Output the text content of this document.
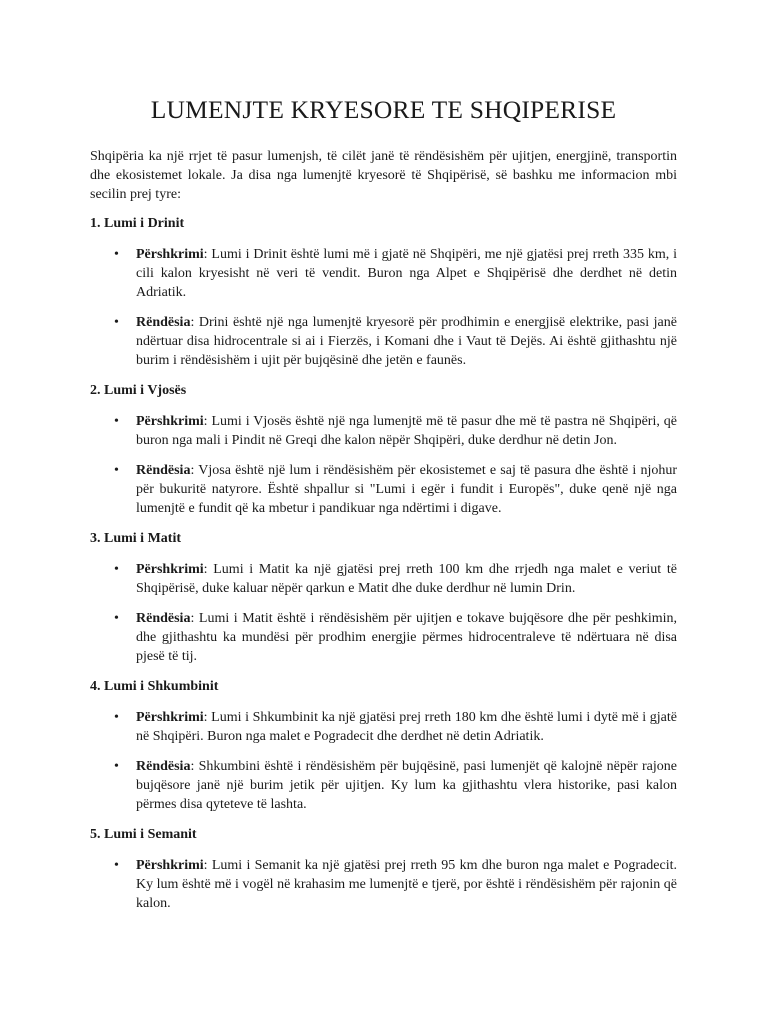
LUMENJTE KRYESORE TE SHQIPERISE

Shqipëria ka një rrjet të pasur lumenjsh, të cilët janë të rëndësishëm për ujitjen, energjinë, transportin dhe ekosistemet lokale. Ja disa nga lumenjtë kryesorë të Shqipërisë, së bashku me informacion mbi secilin prej tyre:

1. Lumi i Drinit
• Përshkrimi: Lumi i Drinit është lumi më i gjatë në Shqipëri, me një gjatësi prej rreth 335 km, i cili kalon kryesisht në veri të vendit. Buron nga Alpet e Shqipërisë dhe derdhet në detin Adriatik.
• Rëndësia: Drini është një nga lumenjtë kryesorë për prodhimin e energjisë elektrike, pasi janë ndërtuar disa hidrocentrale si ai i Fierzës, i Komani dhe i Vaut të Dejës. Ai është gjithashtu një burim i rëndësishëm i ujit për bujqësinë dhe jetën e faunës.
2. Lumi i Vjosës
• Përshkrimi: Lumi i Vjosës është një nga lumenjtë më të pasur dhe më të pastra në Shqipëri, që buron nga mali i Pindit në Greqi dhe kalon nëpër Shqipëri, duke derdhur në detin Jon.
• Rëndësia: Vjosa është një lum i rëndësishëm për ekosistemet e saj të pasura dhe është i njohur për bukuritë natyrore. Është shpallur si "Lumi i egër i fundit i Europës", duke qenë një nga lumenjtë e fundit që ka mbetur i pandikuar nga ndërtimi i digave.
3. Lumi i Matit
• Përshkrimi: Lumi i Matit ka një gjatësi prej rreth 100 km dhe rrjedh nga malet e veriut të Shqipërisë, duke kaluar nëpër qarkun e Matit dhe duke derdhur në lumin Drin.
• Rëndësia: Lumi i Matit është i rëndësishëm për ujitjen e tokave bujqësore dhe për peshkimin, dhe gjithashtu ka mundësi për prodhim energjie përmes hidrocentraleve të ndërtuara në disa pjesë të tij.
4. Lumi i Shkumbinit
• Përshkrimi: Lumi i Shkumbinit ka një gjatësi prej rreth 180 km dhe është lumi i dytë më i gjatë në Shqipëri. Buron nga malet e Pogradecit dhe derdhet në detin Adriatik.
• Rëndësia: Shkumbini është i rëndësishëm për bujqësinë, pasi lumenjët që kalojnë nëpër rajone bujqësore janë një burim jetik për ujitjen. Ky lum ka gjithashtu vlera historike, pasi kalon përmes disa qyteteve të lashta.
5. Lumi i Semanit
• Përshkrimi: Lumi i Semanit ka një gjatësi prej rreth 95 km dhe buron nga malet e Pogradecit. Ky lum është më i vogël në krahasim me lumenjtë e tjerë, por është i rëndësishëm për rajonin që kalon.
